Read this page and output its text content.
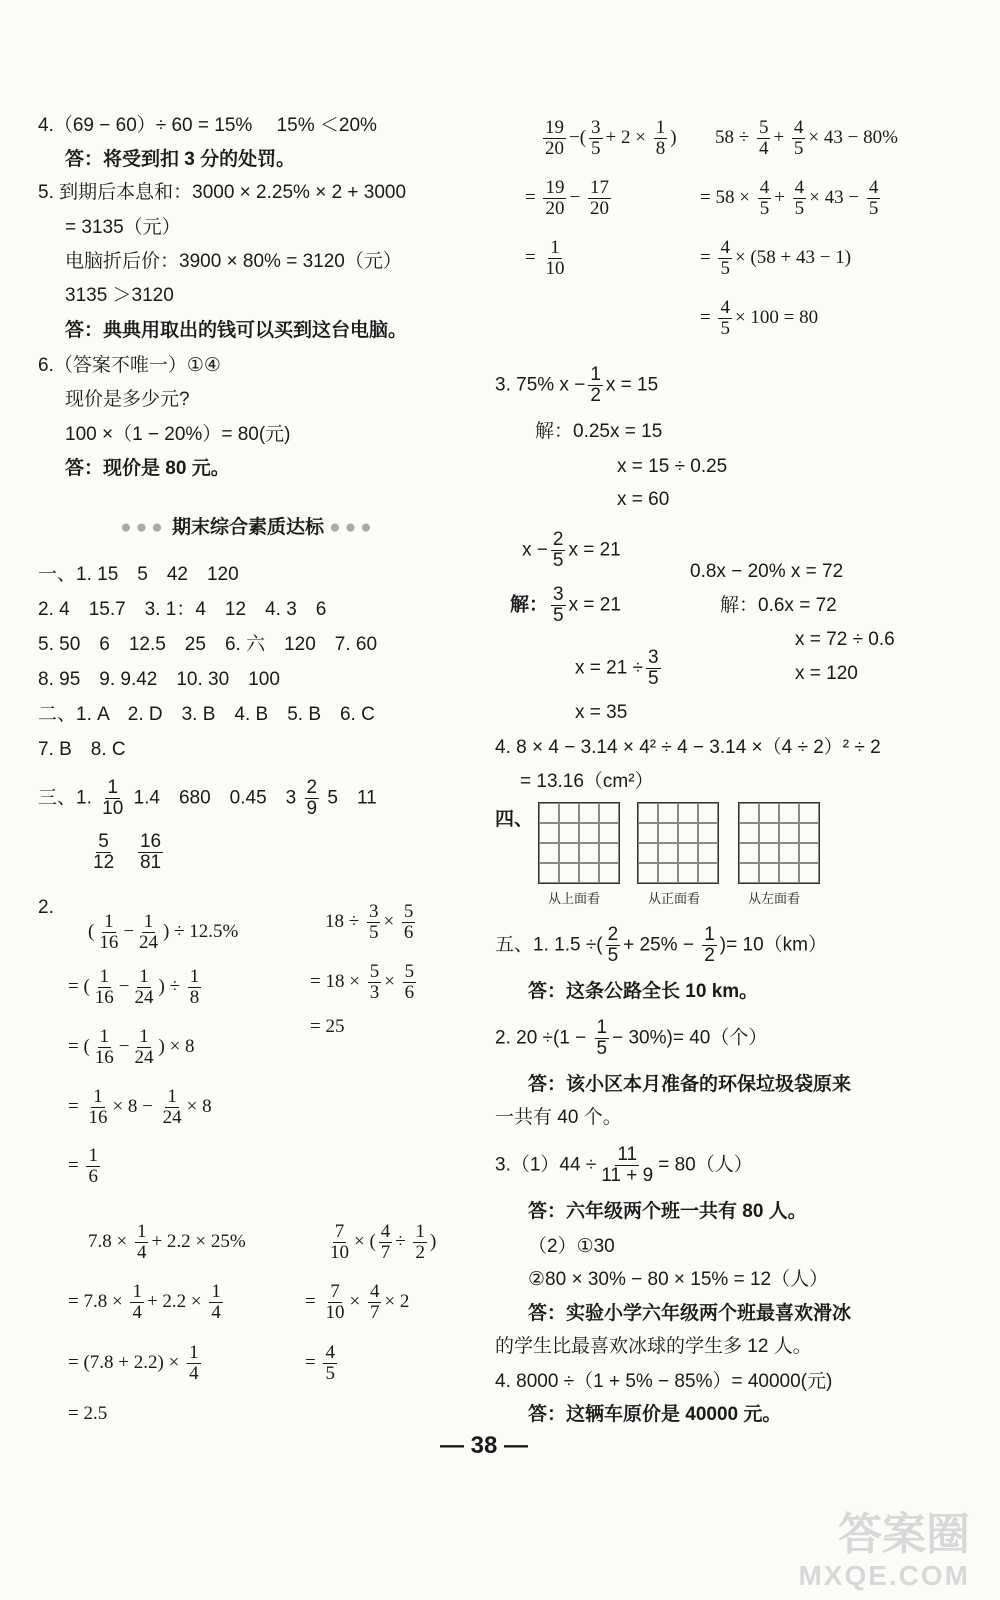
4.（69 − 60）÷ 60 = 15%　 15% ＜20%
答：将受到扣 3 分的处罚。
5. 到期后本息和：3000 × 2.25% × 2 + 3000
= 3135（元）
电脑折后价：3900 × 80% = 3120（元）
3135 ＞3120
答：典典用取出的钱可以买到这台电脑。
6.（答案不唯一）①④
现价是多少元?
100 ×（1 − 20%）= 80(元)
答：现价是 80 元。
●●● 期末综合素质达标 ●●●
一、1. 15　5　42　120
2. 4　15.7　3. 1：4　12　4. 3　6
5. 50　6　12.5　25　6. 六　120　7. 60
8. 95　9. 9.42　10. 30　100
二、1. A　2. D　3. B　4. B　5. B　6. C
7. B　8. C
三、1. $\frac{1}{10} 1.4$　680　0.45　$3 \frac{2}{9} 5$　11
$\frac{5}{12}$
$\frac{16}{81}$
2.
( $\frac{1}{16} - \frac{1}{24}$ ) ÷ 12.5%
= ( $\frac{1}{16} - \frac{1}{24}$ ) ÷ $\frac{1}{8}$
= ( $\frac{1}{16} - \frac{1}{24}$ ) × 8
= $\frac{1}{16} \times 8 - \frac{1}{24} \times 8$
= $\frac{1}{6}$
$18 \div \frac{3}{5} \times \frac{5}{6}$
= $18 \times \frac{5}{3} \times \frac{5}{6}$
= 25
$7.8 \times \frac{1}{4} + 2.2 \times 25\%$
= $7.8 \times \frac{1}{4} + 2.2 \times \frac{1}{4}$
= $(7.8 + 2.2) \times \frac{1}{4}$
= 2.5
$\frac{7}{10}$ × ( $\frac{4}{7} \div \frac{1}{2}$ )
= $\frac{7}{10} \times \frac{4}{7} \times 2$
= $\frac{4}{5}$
$\frac{19}{20}$ −( $\frac{3}{5} + 2 \times \frac{1}{8}$ )
= $\frac{19}{20} - \frac{17}{20}$
= $\frac{1}{10}$
$58 \div \frac{5}{4} + \frac{4}{5} \times 43 - 80\%$
= $58 \times \frac{4}{5} + \frac{4}{5} \times 43 - \frac{4}{5}$
= $\frac{4}{5} \times (58 + 43 - 1)$
= $\frac{4}{5} \times 100 = 80$
3. 75% $x - \frac{1}{2}$ x = 15
解：0.25x = 15
x = 15 ÷ 0.25
x = 60
$x - \frac{2}{5}$ x = 21
0.8x − 20% x = 72
解： $\frac{3}{5}$ x = 21	解：0.6x = 72
x = 72 ÷ 0.6
$x = 21 \div \frac{3}{5}$	x = 120
x = 35
4. 8 × 4 − 3.14 × 4² ÷ 4 − 3.14 ×（4 ÷ 2）² ÷ 2
= 13.16（cm²）
四、
从上面看	从正面看	从左面看
五、1. 1.5 ÷( $\frac{2}{5} + 25\% - \frac{1}{2}$ )= 10（km）
答：这条公路全长 10 km。
2. $20 \div(1 - \frac{1}{5} - 30\%)= 40$（个）
答：该小区本月准备的环保垃圾袋原来
一共有 40 个。
$3.(1)44 \div \frac{11}{11 + 9} = 80$（人）
答：六年级两个班一共有 80 人。
（2）①30
②80 × 30% − 80 × 15% = 12（人）
答：实验小学六年级两个班最喜欢滑冰
的学生比最喜欢冰球的学生多 12 人。
4. 8000 ÷（1 + 5% − 85%）= 40000(元)
答：这辆车原价是 40000 元。
— 38 —
答案圈
MXQE.COM
